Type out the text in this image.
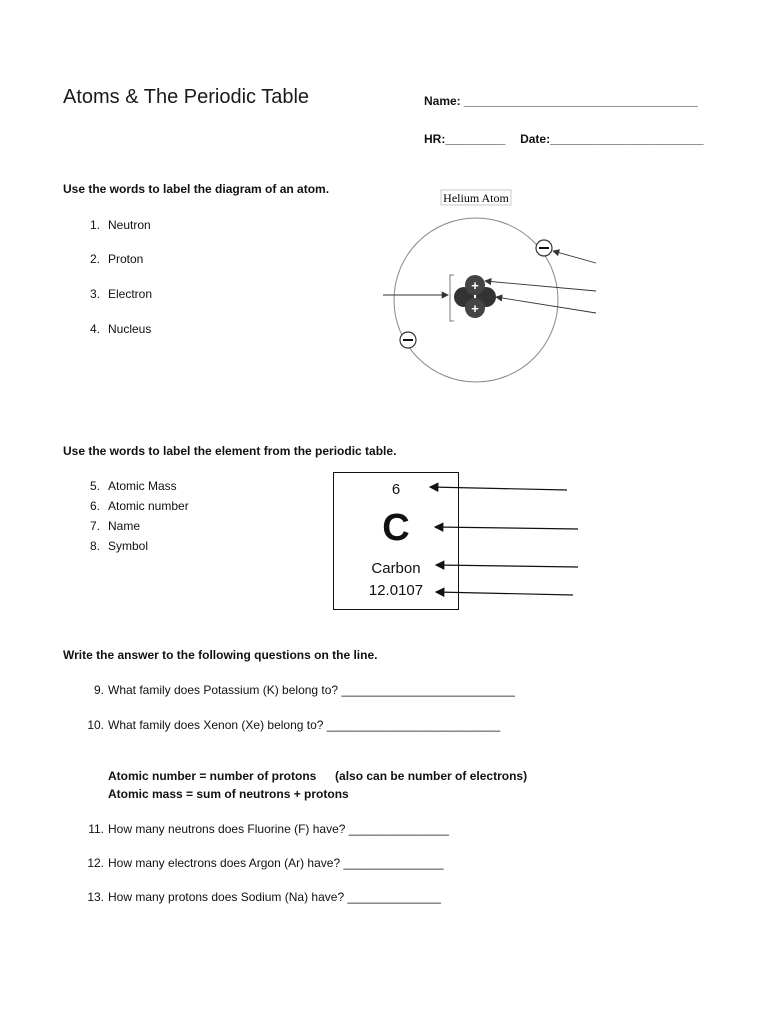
Atoms & The Periodic Table	Name: ___________________________________
HR:_________ Date:_______________________
Use the words to label the diagram of an atom.
1. Neutron
2. Proton
3. Electron
4. Nucleus
Helium Atom
+
+
Use the words to label the element from the periodic table.
5. Atomic Mass
6. Atomic number
7. Name
8. Symbol
6
C
Carbon
12.0107
Write the answer to the following questions on the line.
9. What family does Potassium (K) belong to? __________________________
10. What family does Xenon (Xe) belong to? __________________________
Atomic number = number of protons (also can be number of electrons)
Atomic mass = sum of neutrons + protons
11. How many neutrons does Fluorine (F) have? _______________
12. How many electrons does Argon (Ar) have? _______________
13. How many protons does Sodium (Na) have? ______________
